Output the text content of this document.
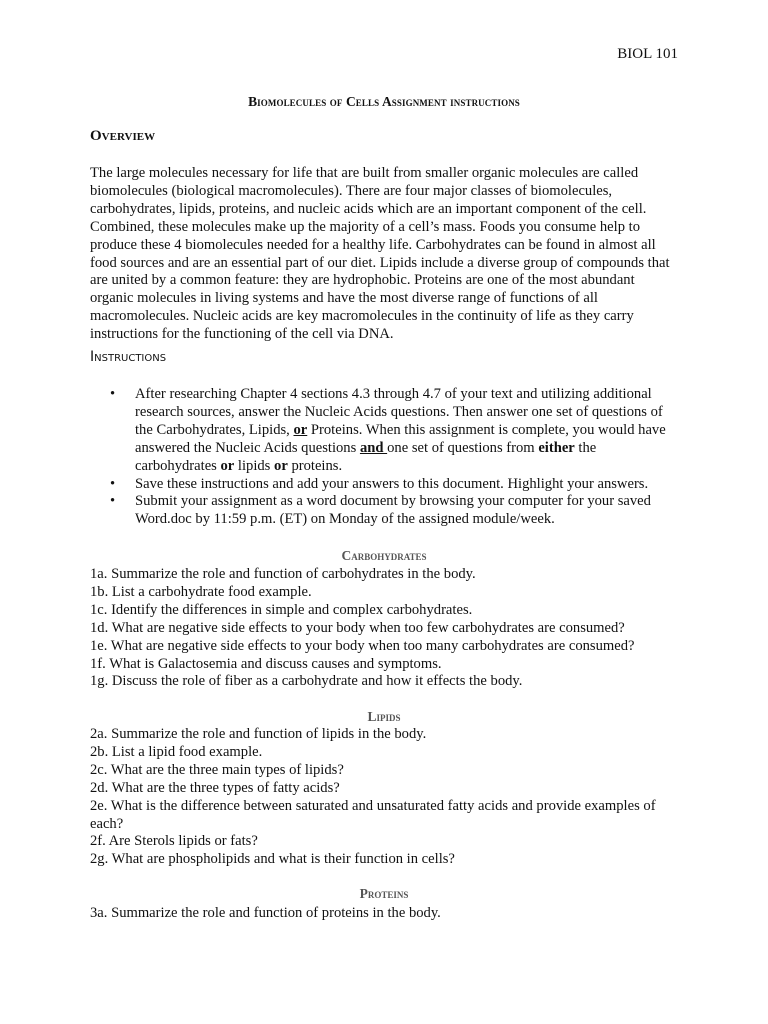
BIOL 101
Biomolecules of Cells Assignment instructions
Overview
The large molecules necessary for life that are built from smaller organic molecules are called biomolecules (biological macromolecules). There are four major classes of biomolecules, carbohydrates, lipids, proteins, and nucleic acids which are an important component of the cell. Combined, these molecules make up the majority of a cell’s mass. Foods you consume help to produce these 4 biomolecules needed for a healthy life. Carbohydrates can be found in almost all food sources and are an essential part of our diet. Lipids include a diverse group of compounds that are united by a common feature: they are hydrophobic. Proteins are one of the most abundant organic molecules in living systems and have the most diverse range of functions of all macromolecules. Nucleic acids are key macromolecules in the continuity of life as they carry instructions for the functioning of the cell via DNA.
Instructions
• After researching Chapter 4 sections 4.3 through 4.7 of your text and utilizing additional research sources, answer the Nucleic Acids questions. Then answer one set of questions of the Carbohydrates, Lipids, or Proteins. When this assignment is complete, you would have answered the Nucleic Acids questions and one set of questions from either the carbohydrates or lipids or proteins.
• Save these instructions and add your answers to this document. Highlight your answers.
• Submit your assignment as a word document by browsing your computer for your saved Word.doc by 11:59 p.m. (ET) on Monday of the assigned module/week.
Carbohydrates
1a. Summarize the role and function of carbohydrates in the body.
1b. List a carbohydrate food example.
1c. Identify the differences in simple and complex carbohydrates.
1d. What are negative side effects to your body when too few carbohydrates are consumed?
1e. What are negative side effects to your body when too many carbohydrates are consumed?
1f. What is Galactosemia and discuss causes and symptoms.
1g. Discuss the role of fiber as a carbohydrate and how it effects the body.
Lipids
2a. Summarize the role and function of lipids in the body.
2b. List a lipid food example.
2c. What are the three main types of lipids?
2d. What are the three types of fatty acids?
2e. What is the difference between saturated and unsaturated fatty acids and provide examples of each?
2f. Are Sterols lipids or fats?
2g. What are phospholipids and what is their function in cells?
Proteins
3a. Summarize the role and function of proteins in the body.
